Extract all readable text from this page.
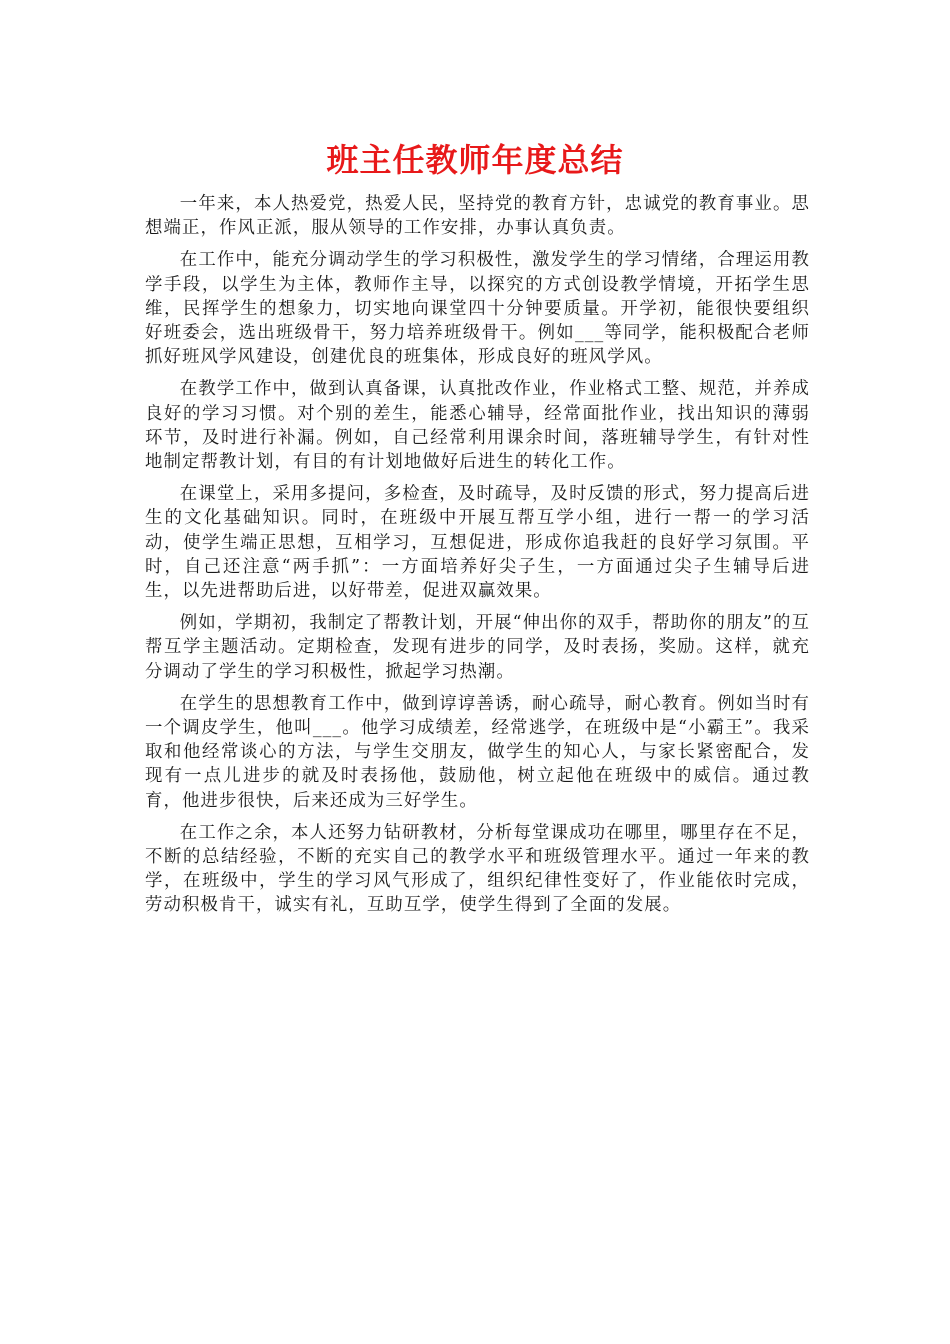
班主任教师年度总结

一年来，本人热爱党，热爱人民，坚持党的教育方针，忠诚党的教育事业。思想端正，作风正派，服从领导的工作安排，办事认真负责。

在工作中，能充分调动学生的学习积极性，激发学生的学习情绪，合理运用教学手段，以学生为主体，教师作主导，以探究的方式创设教学情境，开拓学生思维，民挥学生的想象力，切实地向课堂四十分钟要质量。开学初，能很快要组织好班委会，选出班级骨干，努力培养班级骨干。例如___等同学，能积极配合老师抓好班风学风建设，创建优良的班集体，形成良好的班风学风。

在教学工作中，做到认真备课，认真批改作业，作业格式工整、规范，并养成良好的学习习惯。对个别的差生，能悉心辅导，经常面批作业，找出知识的薄弱环节，及时进行补漏。例如，自己经常利用课余时间，落班辅导学生，有针对性地制定帮教计划，有目的有计划地做好后进生的转化工作。

在课堂上，采用多提问，多检查，及时疏导，及时反馈的形式，努力提高后进生的文化基础知识。同时，在班级中开展互帮互学小组，进行一帮一的学习活动，使学生端正思想，互相学习，互想促进，形成你追我赶的良好学习氛围。平时，自己还注意“两手抓”：一方面培养好尖子生，一方面通过尖子生辅导后进生，以先进帮助后进，以好带差，促进双赢效果。

例如，学期初，我制定了帮教计划，开展“伸出你的双手，帮助你的朋友”的互帮互学主题活动。定期检查，发现有进步的同学，及时表扬，奖励。这样，就充分调动了学生的学习积极性，掀起学习热潮。

在学生的思想教育工作中，做到谆谆善诱，耐心疏导，耐心教育。例如当时有一个调皮学生，他叫___。他学习成绩差，经常逃学，在班级中是“小霸王”。我采取和他经常谈心的方法，与学生交朋友，做学生的知心人，与家长紧密配合，发现有一点儿进步的就及时表扬他，鼓励他，树立起他在班级中的威信。通过教育，他进步很快，后来还成为三好学生。

在工作之余，本人还努力钻研教材，分析每堂课成功在哪里，哪里存在不足，不断的总结经验，不断的充实自己的教学水平和班级管理水平。通过一年来的教学，在班级中，学生的学习风气形成了，组织纪律性变好了，作业能依时完成，劳动积极肯干，诚实有礼，互助互学，使学生得到了全面的发展。
